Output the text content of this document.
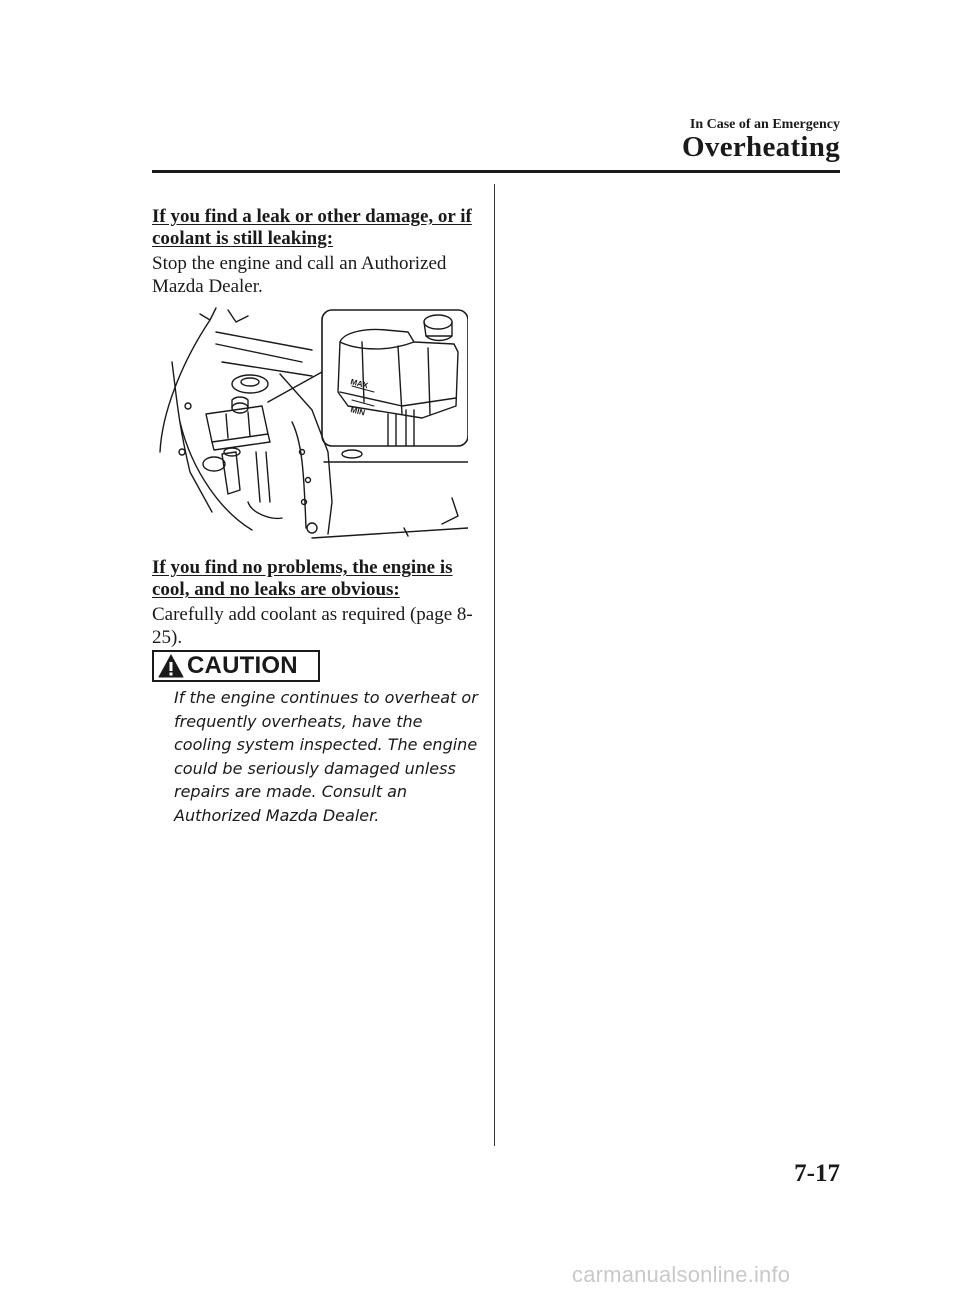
In Case of an Emergency
Overheating
If you find a leak or other damage, or if coolant is still leaking:
Stop the engine and call an Authorized Mazda Dealer.
MAX
MIN
If you find no problems, the engine is cool, and no leaks are obvious:
Carefully add coolant as required (page 8-25).
CAUTION
If the engine continues to overheat or frequently overheats, have the cooling system inspected. The engine could be seriously damaged unless repairs are made. Consult an Authorized Mazda Dealer.
7-17
carmanualsonline.info
